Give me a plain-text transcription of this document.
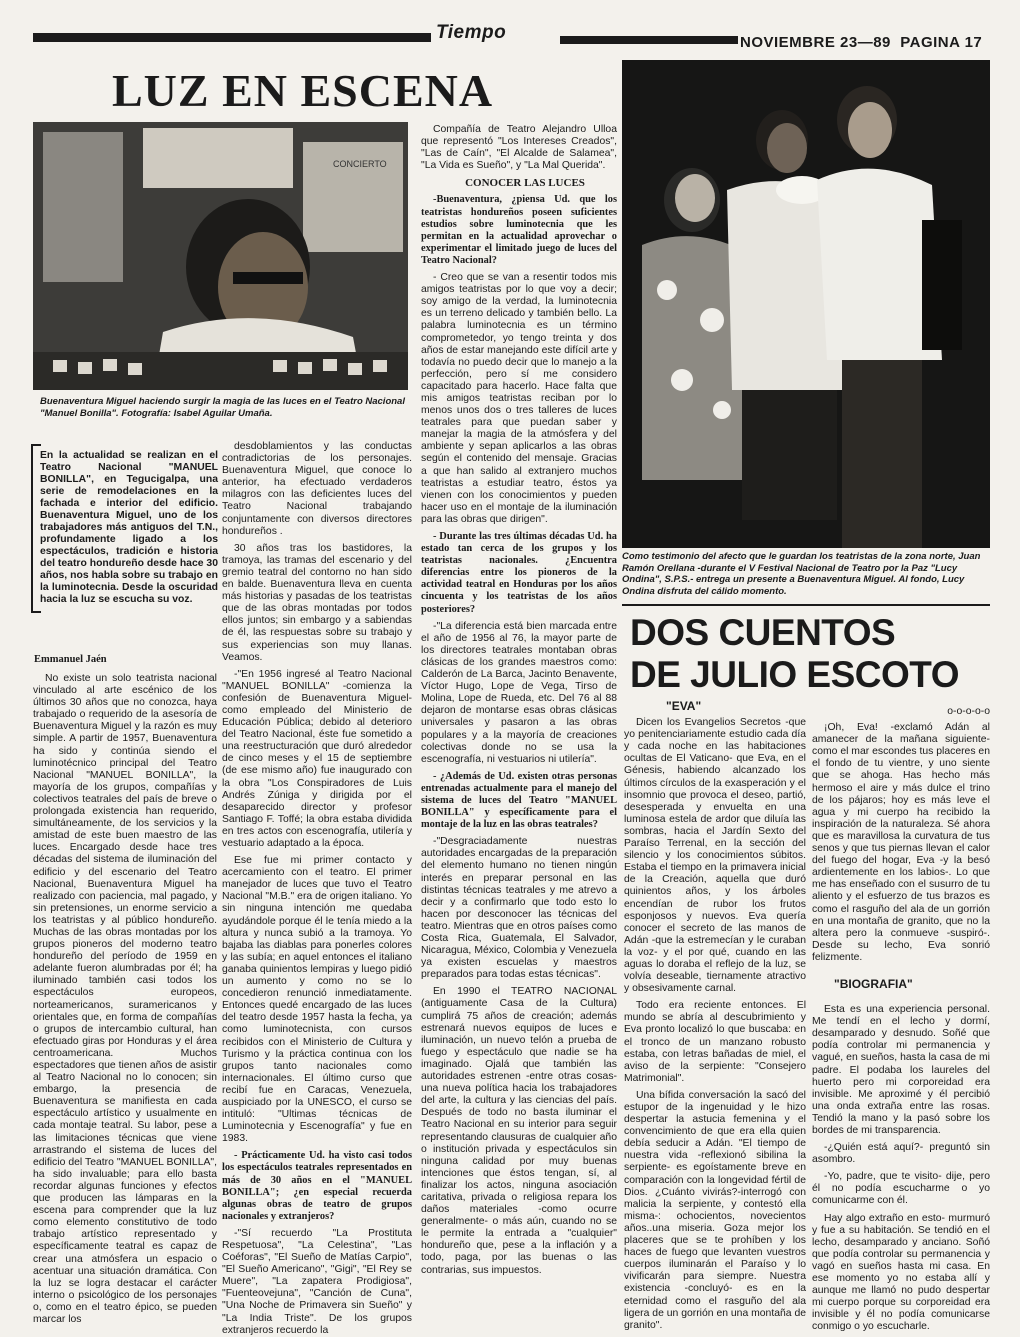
Tiempo	NOVIEMBRE 23—89 PAGINA 17
LUZ EN ESCENA
CONCIERTO
Buenaventura Miguel haciendo surgir la magia de las luces en el Teatro Nacional "Manuel Bonilla". Fotografía: Isabel Aguilar Umaña.
En la actualidad se realizan en el Teatro Nacional "MANUEL BONILLA", en Tegucigalpa, una serie de remodelaciones en la fachada e interior del edificio. Buenaventura Miguel, uno de los trabajadores más antiguos del T.N., profundamente ligado a los espectáculos, tradición e historia del teatro hondureño desde hace 30 años, nos habla sobre su trabajo en la luminotecnia. Desde la oscuridad hacia la luz se escucha su voz.
Emmanuel Jaén

No existe un solo teatrista nacional vinculado al arte escénico de los últimos 30 años que no conozca, haya trabajado o requerido de la asesoría de Buenaventura Miguel y la razón es muy simple. A partir de 1957, Buenaventura ha sido y continúa siendo el luminotécnico principal del Teatro Nacional "MANUEL BONILLA", la mayoría de los grupos, compañías y colectivos teatrales del país de breve o prolongada existencia han requerido, simultáneamente, de los servicios y la amistad de este buen maestro de las luces. Encargado desde hace tres décadas del sistema de iluminación del edificio y del escenario del Teatro Nacional, Buenaventura Miguel ha realizado con paciencia, mal pagado, y sin pretensiones, un enorme servicio a los teatristas y al público hondureño. Muchas de las obras montadas por los grupos pioneros del moderno teatro hondureño del período de 1959 en adelante fueron alumbradas por él; ha iluminado también casi todos los espectáculos europeos, norteamericanos, suramericanos y orientales que, en forma de compañías o grupos de intercambio cultural, han efectuado giras por Honduras y el área centroamericana. Muchos espectadores que tienen años de asistir al Teatro Nacional no lo conocen; sin embargo, la presencia de Buenaventura se manifiesta en cada espectáculo artístico y usualmente en cada montaje teatral. Su labor, pese a las limitaciones técnicas que viene arrastrando el sistema de luces del edificio del Teatro "MANUEL BONILLA", ha sido invaluable; para ello basta recordar algunas funciones y efectos que producen las lámparas en la escena para comprender que la luz como elemento constitutivo de todo trabajo artístico representado y específicamente teatral es capaz de crear una atmósfera un espacio o acentuar una situación dramática. Con la luz se logra destacar el carácter interno o psicológico de los personajes o, como en el teatro épico, se pueden marcar los

desdoblamientos y las conductas contradictorias de los personajes. Buenaventura Miguel, que conoce lo anterior, ha efectuado verdaderos milagros con las deficientes luces del Teatro Nacional trabajando conjuntamente con diversos directores hondureños .

30 años tras los bastidores, la tramoya, las tramas del escenario y del gremio teatral del contorno no han sido en balde. Buenaventura lleva en cuenta más historias y pasadas de los teatristas que de las obras montadas por todos ellos juntos; sin embargo y a sabiendas de él, las respuestas sobre su trabajo y sus experiencias son muy llanas. Veamos.

-"En 1956 ingresé al Teatro Nacional "MANUEL BONILLA" -comienza la confesión de Buenaventura Miguel- como empleado del Ministerio de Educación Pública; debido al deterioro del Teatro Nacional, éste fue sometido a una reestructuración que duró alrededor de cinco meses y el 15 de septiembre (de ese mismo año) fue inaugurado con la obra "Los Conspiradores de Luis Andrés Zúniga y dirigida por el desaparecido director y profesor Santiago F. Toffé; la obra estaba dividida en tres actos con escenografía, utilería y vestuario adaptado a la época.

Ese fue mi primer contacto y acercamiento con el teatro. El primer manejador de luces que tuvo el Teatro Nacional "M.B." era de origen italiano. Yo sin ninguna intención me quedaba ayudándole porque él le tenía miedo a la altura y nunca subió a la tramoya. Yo bajaba las diablas para ponerles colores y las subía; en aquel entonces el italiano ganaba quinientos lempiras y luego pidió un aumento y como no se lo concedieron renunció inmediatamente. Entonces quedé encargado de las luces del teatro desde 1957 hasta la fecha, ya como luminotecnista, con cursos recibidos con el Ministerio de Cultura y Turismo y la práctica continua con los grupos tanto nacionales como internacionales. El último curso que recibí fue en Caracas, Venezuela, auspiciado por la UNESCO, el curso se intituló: "Ultimas técnicas de Luminotecnia y Escenografía" y fue en 1983.

- Prácticamente Ud. ha visto casi todos los espectáculos teatrales representados en más de 30 años en el "MANUEL BONILLA"; ¿en especial recuerda algunas obras de teatro de grupos nacionales y extranjeros?

-"Sí recuerdo "La Prostituta Respetuosa", "La Celestina", "Las Coéforas", "El Sueño de Matías Carpio", "El Sueño Americano", "Gigi", "El Rey se Muere", "La zapatera Prodigiosa", "Fuenteovejuna", "Canción de Cuna", "Una Noche de Primavera sin Sueño" y "La India Triste". De los grupos extranjeros recuerdo la

Compañía de Teatro Alejandro Ulloa que representó "Los Intereses Creados", "Las de Caín", "El Alcalde de Salamea", "La Vida es Sueño", y "La Mal Querida".

CONOCER LAS LUCES

-Buenaventura, ¿piensa Ud. que los teatristas hondureños poseen suficientes estudios sobre luminotecnia que les permitan en la actualidad aprovechar o experimentar el limitado juego de luces del Teatro Nacional?

- Creo que se van a resentir todos mis amigos teatristas por lo que voy a decir; soy amigo de la verdad, la luminotecnia es un terreno delicado y también bello. La palabra luminotecnia es un término comprometedor, yo tengo treinta y dos años de estar manejando este difícil arte y todavía no puedo decir que lo manejo a la perfección, pero sí me considero capacitado para hacerlo. Hace falta que mis amigos teatristas reciban por lo menos unos dos o tres talleres de luces teatrales para que puedan saber y manejar la magia de la atmósfera y del ambiente y sepan aplicarlos a las obras según el contenido del mensaje. Gracias a que han salido al extranjero muchos teatristas a estudiar teatro, éstos ya vienen con los conocimientos y pueden hacer uso en el montaje de la iluminación para las obras que dirigen".

- Durante las tres últimas décadas Ud. ha estado tan cerca de los grupos y los teatristas nacionales. ¿Encuentra diferencias entre los pioneros de la actividad teatral en Honduras por los años cincuenta y los teatristas de los años posteriores?

-"La diferencia está bien marcada entre el año de 1956 al 76, la mayor parte de los directores teatrales montaban obras clásicas de los grandes maestros como: Calderón de La Barca, Jacinto Benavente, Víctor Hugo, Lope de Vega, Tirso de Molina, Lope de Rueda, etc. Del 76 al 88 dejaron de montarse esas obras clásicas universales y pasaron a las obras populares y a la mayoría de creaciones colectivas donde no se usa la escenografía, ni vestuarios ni utilería".

- ¿Además de Ud. existen otras personas entrenadas actualmente para el manejo del sistema de luces del Teatro "MANUEL BONILLA" y específicamente para el montaje de la luz en las obras teatrales?

-"Desgraciadamente nuestras autoridades encargadas de la preparación del elemento humano no tienen ningún interés en preparar personal en las distintas técnicas teatrales y me atrevo a decir y a confirmarlo que todo esto lo hacen por desconocer las técnicas del teatro. Mientras que en otros países como Costa Rica, Guatemala, El Salvador, Nicaragua, México, Colombia y Venezuela ya existen escuelas y maestros preparados para todas estas técnicas".

En 1990 el TEATRO NACIONAL (antiguamente Casa de la Cultura) cumplirá 75 años de creación; además estrenará nuevos equipos de luces e iluminación, un nuevo telón a prueba de fuego y espectáculo que nadie se ha imaginado. Ojalá que también las autoridades estrenen -entre otras cosas- una nueva política hacia los trabajadores del arte, la cultura y las ciencias del país. Después de todo no basta iluminar el Teatro Nacional en su interior para seguir representando clausuras de cualquier año o institución privada y espectáculos sin ninguna calidad por muy buenas intenciones que éstos tengan, sí, al finalizar los actos, ninguna asociación caritativa, privada o religiosa repara los daños materiales -como ocurre generalmente- o más aún, cuando no se le permite la entrada a "cualquier" hondureño que, pese a la inflación y a todo, paga, por las buenas o las contrarias, sus impuestos.

Como testimonio del afecto que le guardan los teatristas de la zona norte, Juan Ramón Orellana -durante el V Festival Nacional de Teatro por la Paz "Lucy Ondina", S.P.S.- entrega un presente a Buenaventura Miguel. Al fondo, Lucy Ondina disfruta del cálido momento.
DOS CUENTOS
DE JULIO ESCOTO

"EVA"

Dicen los Evangelios Secretos -que yo penitenciariamente estudio cada día y cada noche en las habitaciones ocultas de El Vaticano- que Eva, en el Génesis, habiendo alcanzado los últimos círculos de la exasperación y el insomnio que provoca el deseo, partió, desesperada y envuelta en una luminosa estela de ardor que diluía las sombras, hacia el Jardín Sexto del Paraíso Terrenal, en la sección del silencio y los conocimientos súbitos. Estaba el tiempo en la primavera inicial de la Creación, aquella que duró quinientos años, y los árboles encendían de rubor los frutos esponjosos y nuevos. Eva quería conocer el secreto de las manos de Adán -que la estremecían y le curaban la voz- y el por qué, cuando en las aguas lo doraba el reflejo de la luz, se volvía deseable, tiernamente atractivo y obsesivamente carnal.

Todo era reciente entonces. El mundo se abría al descubrimiento y Eva pronto localizó lo que buscaba: en el tronco de un manzano robusto estaba, con letras bañadas de miel, el aviso de la serpiente: "Consejero Matrimonial".

Una bífida conversación la sacó del estupor de la ingenuidad y le hizo despertar la astucia femenina y el convencimiento de que era ella quien debía seducir a Adán. "El tiempo de nuestra vida -reflexionó sibilina la serpiente- es egoístamente breve en comparación con la longevidad fértil de Dios. ¿Cuánto vivirás?-interrogó con malicia la serpiente, y contestó ella misma-: ochocientos, novecientos años..una miseria. Goza mejor los placeres que se te prohíben y los haces de fuego que levanten vuestros cuerpos iluminarán el Paraíso y lo vivificarán para siempre. Nuestra existencia -concluyó- es en la eternidad como el rasguño del ala ligera de un gorrión en una montaña de granito".

o-o-o-o-o

¡Oh, Eva! -exclamó Adán al amanecer de la mañana siguiente- como el mar escondes tus placeres en el fondo de tu vientre, y uno siente que se ahoga. Has hecho más hermoso el aire y más dulce el trino de los pájaros; hoy es más leve el agua y mi cuerpo ha recibido la inspiración de la naturaleza. Sé ahora que es maravillosa la curvatura de tus senos y que tus piernas llevan el calor del fuego del hogar, Eva -y la besó ardientemente en los labios-. Lo que me has enseñado con el susurro de tu aliento y el esfuerzo de tus brazos es como el rasguño del ala de un gorrión en una montaña de granito, que no la altera pero la conmueve -suspiró-. Desde su lecho, Eva sonrió felizmente.

"BIOGRAFIA"

Esta es una experiencia personal. Me tendí en el lecho y dormí, desamparado y desnudo. Soñé que podía controlar mi permanencia y vagué, en sueños, hasta la casa de mi padre. El podaba los laureles del huerto pero mi corporeidad era invisible. Me aproximé y él percibió una onda extraña entre las rosas. Tendió la mano y la pasó sobre los bordes de mi transparencia.

-¿Quién está aquí?- preguntó sin asombro.

-Yo, padre, que te visito- dije, pero él no podía escucharme o yo comunicarme con él.

Hay algo extraño en esto- murmuró y fue a su habitación. Se tendió en el lecho, desamparado y anciano. Soñó que podía controlar su permanencia y vagó en sueños hasta mi casa. En ese momento yo no estaba allí y aunque me llamó no pudo despertar mi cuerpo porque su corporeidad era invisible y él no podía comunicarse conmigo o yo escucharle.
